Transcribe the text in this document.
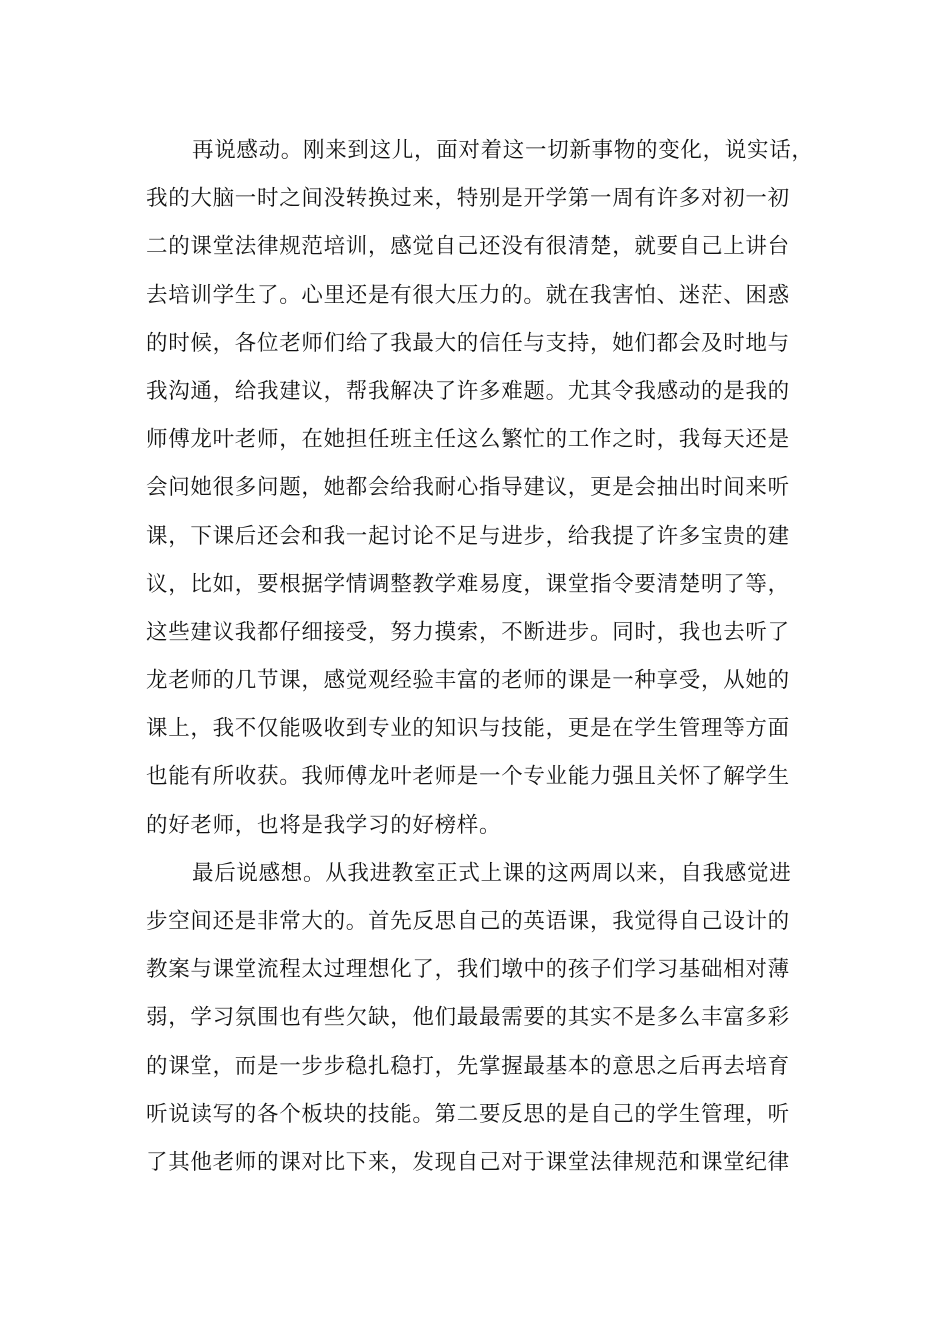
再说感动。刚来到这儿，面对着这一切新事物的变化，说实话，
我的大脑一时之间没转换过来，特别是开学第一周有许多对初一初
二的课堂法律规范培训，感觉自己还没有很清楚，就要自己上讲台
去培训学生了。心里还是有很大压力的。就在我害怕、迷茫、困惑
的时候，各位老师们给了我最大的信任与支持，她们都会及时地与
我沟通，给我建议，帮我解决了许多难题。尤其令我感动的是我的
师傅龙叶老师，在她担任班主任这么繁忙的工作之时，我每天还是
会问她很多问题，她都会给我耐心指导建议，更是会抽出时间来听
课，下课后还会和我一起讨论不足与进步，给我提了许多宝贵的建
议，比如，要根据学情调整教学难易度，课堂指令要清楚明了等，
这些建议我都仔细接受，努力摸索，不断进步。同时，我也去听了
龙老师的几节课，感觉观经验丰富的老师的课是一种享受，从她的
课上，我不仅能吸收到专业的知识与技能，更是在学生管理等方面
也能有所收获。我师傅龙叶老师是一个专业能力强且关怀了解学生
的好老师，也将是我学习的好榜样。
最后说感想。从我进教室正式上课的这两周以来，自我感觉进
步空间还是非常大的。首先反思自己的英语课，我觉得自己设计的
教案与课堂流程太过理想化了，我们墩中的孩子们学习基础相对薄
弱，学习氛围也有些欠缺，他们最最需要的其实不是多么丰富多彩
的课堂，而是一步步稳扎稳打，先掌握最基本的意思之后再去培育
听说读写的各个板块的技能。第二要反思的是自己的学生管理，听
了其他老师的课对比下来，发现自己对于课堂法律规范和课堂纪律
